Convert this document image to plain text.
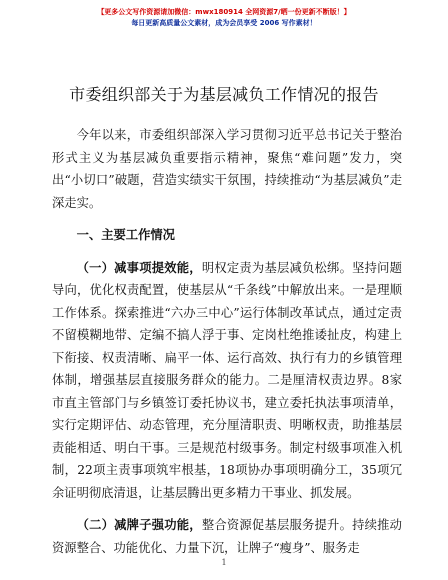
【更多公文写作资源请加微信：mwx180914 全网资源7/晒一份更新不断版！】
每日更新高质量公文素材，成为会员享受 2006 写作素材！
市委组织部关于为基层减负工作情况的报告

今年以来，市委组织部深入学习贯彻习近平总书记关于整治形式主义为基层减负重要指示精神，聚焦“难问题”发力，突出“小切口”破题，营造实绩实干氛围，持续推动“为基层减负”走深走实。

一、主要工作情况

（一）减事项提效能，明权定责为基层减负松绑。坚持问题导向，优化权责配置，使基层从“千条线”中解放出来。一是理顺工作体系。探索推进“六办三中心”运行体制改革试点，通过定责不留模糊地带、定编不搞人浮于事、定岗杜绝推诿扯皮，构建上下衔接、权责清晰、扁平一体、运行高效、执行有力的乡镇管理体制，增强基层直接服务群众的能力。二是厘清权责边界。8家市直主管部门与乡镇签订委托协议书，建立委托执法事项清单，实行定期评估、动态管理，充分厘清职责、明晰权责，助推基层责能相适、明白干事。三是规范村级事务。制定村级事项准入机制，22项主责事项筑牢根基，18项协办事项明确分工，35项冗余证明彻底清退，让基层腾出更多精力干事业、抓发展。

（二）减牌子强功能，整合资源促基层服务提升。持续推动资源整合、功能优化、力量下沉，让牌子“瘦身”、服务走

1
